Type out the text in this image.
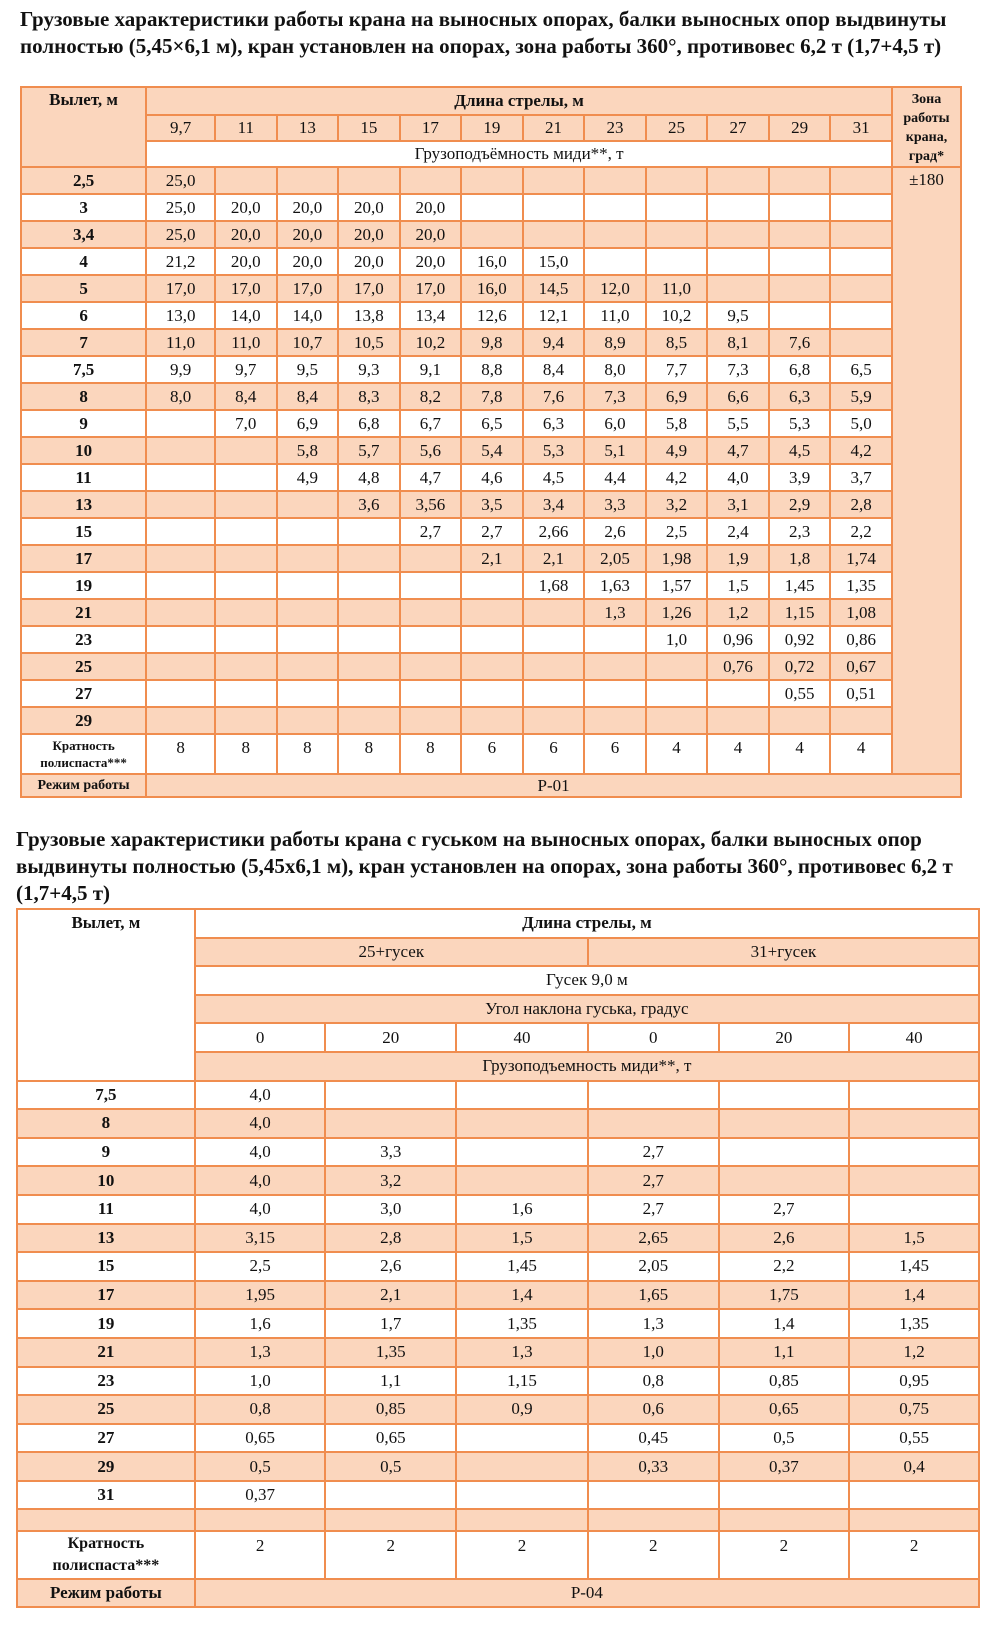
Грузовые характеристики работы крана на выносных опорах, балки выносных опор выдвинуты полностью (5,45×6,1 м), кран установлен на опорах, зона работы 360°, противовес 6,2 т (1,7+4,5 т)
Вылет, м	Длина стрелы, м												Зона работы крана, град*
	9,7	11	13	15	17	19	21	23	25	27	29	31	
	Грузоподъёмность миди**, т												
2,5	25,0												±180
3	25,0	20,0	20,0	20,0	20,0								
3,4	25,0	20,0	20,0	20,0	20,0								
4	21,2	20,0	20,0	20,0	20,0	16,0	15,0						
5	17,0	17,0	17,0	17,0	17,0	16,0	14,5	12,0	11,0				
6	13,0	14,0	14,0	13,8	13,4	12,6	12,1	11,0	10,2	9,5			
7	11,0	11,0	10,7	10,5	10,2	9,8	9,4	8,9	8,5	8,1	7,6		
7,5	9,9	9,7	9,5	9,3	9,1	8,8	8,4	8,0	7,7	7,3	6,8	6,5	
8	8,0	8,4	8,4	8,3	8,2	7,8	7,6	7,3	6,9	6,6	6,3	5,9	
9		7,0	6,9	6,8	6,7	6,5	6,3	6,0	5,8	5,5	5,3	5,0	
10			5,8	5,7	5,6	5,4	5,3	5,1	4,9	4,7	4,5	4,2	
11			4,9	4,8	4,7	4,6	4,5	4,4	4,2	4,0	3,9	3,7	
13				3,6	3,56	3,5	3,4	3,3	3,2	3,1	2,9	2,8	
15					2,7	2,7	2,66	2,6	2,5	2,4	2,3	2,2	
17						2,1	2,1	2,05	1,98	1,9	1,8	1,74	
19							1,68	1,63	1,57	1,5	1,45	1,35	
21								1,3	1,26	1,2	1,15	1,08	
23									1,0	0,96	0,92	0,86	
25										0,76	0,72	0,67	
27											0,55	0,51	
29													
Кратность полиспаста***	8	8	8	8	8	6	6	6	4	4	4	4	
Режим работы	Р-01												
Грузовые характеристики работы крана с гуськом на выносных опорах, балки выносных опор выдвинуты полностью (5,45х6,1 м), кран установлен на опорах, зона работы 360°, противовес 6,2 т (1,7+4,5 т)
Вылет, м	Длина стрелы, м					
	25+гусек			31+гусек		
	Гусек 9,0 м					
	Угол наклона гуська, градус					
	0	20	40	0	20	40
	Грузоподъемность миди**, т					
7,5	4,0					
8	4,0					
9	4,0	3,3		2,7		
10	4,0	3,2		2,7		
11	4,0	3,0	1,6	2,7	2,7	
13	3,15	2,8	1,5	2,65	2,6	1,5
15	2,5	2,6	1,45	2,05	2,2	1,45
17	1,95	2,1	1,4	1,65	1,75	1,4
19	1,6	1,7	1,35	1,3	1,4	1,35
21	1,3	1,35	1,3	1,0	1,1	1,2
23	1,0	1,1	1,15	0,8	0,85	0,95
25	0,8	0,85	0,9	0,6	0,65	0,75
27	0,65	0,65		0,45	0,5	0,55
29	0,5	0,5		0,33	0,37	0,4
31	0,37					

Кратность полиспаста***	2	2	2	2	2	2
Режим работы	Р-04					
